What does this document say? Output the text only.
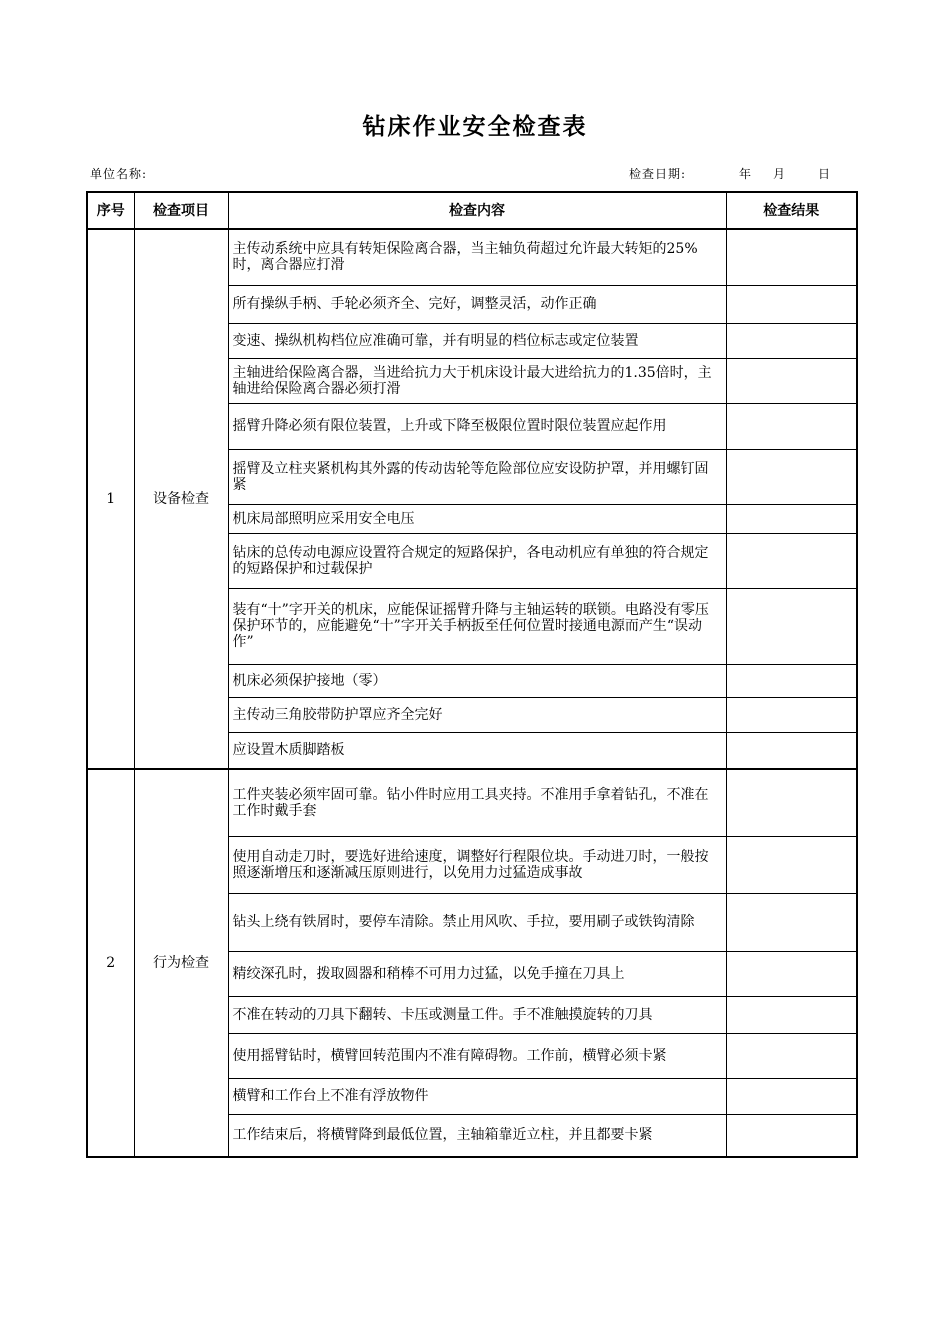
钻床作业安全检查表
单位名称:	检查日期:	年 月	日
序号	检查项目	检查内容	检查结果
1	设备检查	主传动系统中应具有转矩保险离合器，当主轴负荷超过允许最大转矩的25%时，离合器应打滑	
		所有操纵手柄、手轮必须齐全、完好，调整灵活，动作正确	
		变速、操纵机构档位应准确可靠，并有明显的档位标志或定位装置	
		主轴进给保险离合器，当进给抗力大于机床设计最大进给抗力的1.35倍时，主轴进给保险离合器必须打滑	
		摇臂升降必须有限位装置，上升或下降至极限位置时限位装置应起作用	
		摇臂及立柱夹紧机构其外露的传动齿轮等危险部位应安设防护罩，并用螺钉固紧	
		机床局部照明应采用安全电压	
		钻床的总传动电源应设置符合规定的短路保护，各电动机应有单独的符合规定的短路保护和过载保护	
		装有“十”字开关的机床，应能保证摇臂升降与主轴运转的联锁。电路没有零压保护环节的，应能避免“十”字开关手柄扳至任何位置时接通电源而产生“误动作”	
		机床必须保护接地（零）	
		主传动三角胶带防护罩应齐全完好	
		应设置木质脚踏板	
2	行为检查	工件夹装必须牢固可靠。钻小件时应用工具夹持。不准用手拿着钻孔，不准在工作时戴手套	
		使用自动走刀时，要选好进给速度，调整好行程限位块。手动进刀时，一般按照逐渐增压和逐渐减压原则进行，以免用力过猛造成事故	
		钻头上绕有铁屑时，要停车清除。禁止用风吹、手拉，要用刷子或铁钩清除	
		精绞深孔时，拨取圆器和稍棒不可用力过猛，以免手撞在刀具上	
		不准在转动的刀具下翻转、卡压或测量工件。手不准触摸旋转的刀具	
		使用摇臂钻时，横臂回转范围内不准有障碍物。工作前，横臂必须卡紧	
		横臂和工作台上不准有浮放物件	
		工作结束后，将横臂降到最低位置，主轴箱靠近立柱，并且都要卡紧	
